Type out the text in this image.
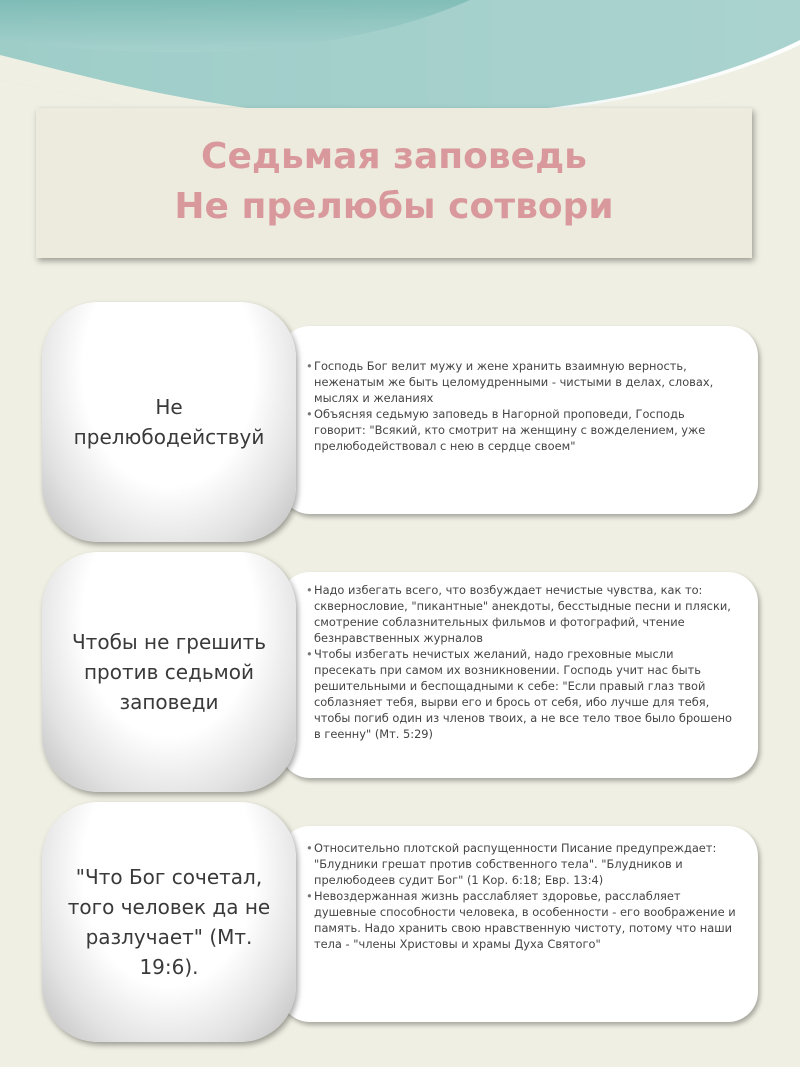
Седьмая заповедь
Не прелюбы сотвори
Не прелюбодействуй
• Господь Бог велит мужу и жене хранить взаимную верность, неженатым же быть целомудренными - чистыми в делах, словах, мыслях и желаниях
• Объясняя седьмую заповедь в Нагорной проповеди, Господь говорит: "Всякий, кто смотрит на женщину с вожделением, уже прелюбодействовал с нею в сердце своем"
Чтобы не грешить против седьмой заповеди
• Надо избегать всего, что возбуждает нечистые чувства, как то: сквернословие, "пикантные" анекдоты, бесстыдные песни и пляски, смотрение соблазнительных фильмов и фотографий, чтение безнравственных журналов
• Чтобы избегать нечистых желаний, надо греховные мысли пресекать при самом их возникновении. Господь учит нас быть решительными и беспощадными к себе: "Если правый глаз твой соблазняет тебя, вырви его и брось от себя, ибо лучше для тебя, чтобы погиб один из членов твоих, а не все тело твое было брошено в геенну" (Мт. 5:29)
"Что Бог сочетал, того человек да не разлучает" (Мт. 19:6).
• Относительно плотской распущенности Писание предупреждает: "Блудники грешат против собственного тела". "Блудников и прелюбодеев судит Бог" (1 Кор. 6:18; Евр. 13:4)
• Невоздержанная жизнь расслабляет здоровье, расслабляет душевные способности человека, в особенности - его воображение и память. Надо хранить свою нравственную чистоту, потому что наши тела - "члены Христовы и храмы Духа Святого"
